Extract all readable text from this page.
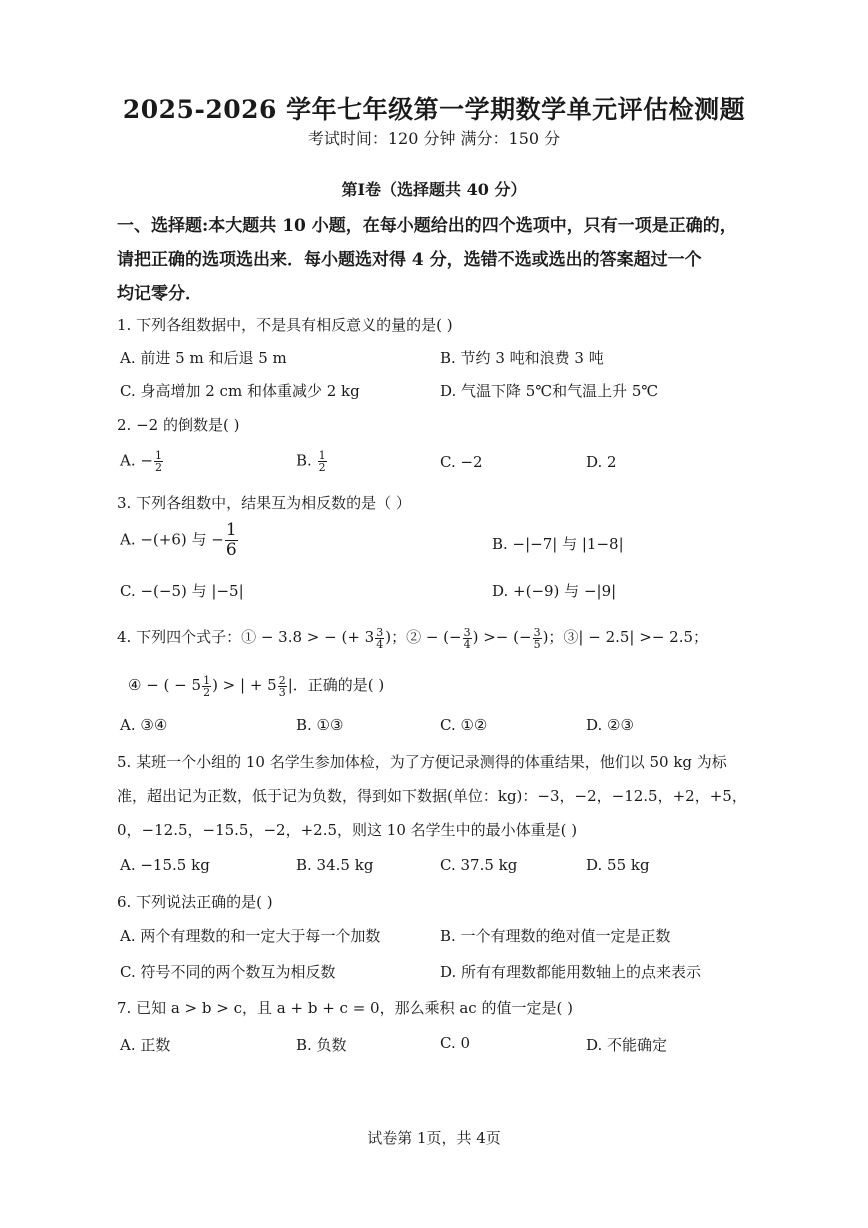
2025-2026 学年七年级第一学期数学单元评估检测题
考试时间：120 分钟 满分：150 分
第Ⅰ卷（选择题共 40 分）
一、选择题:本大题共 10 小题，在每小题给出的四个选项中，只有一项是正确的，
请把正确的选项选出来．每小题选对得 4 分，选错不选或选出的答案超过一个
均记零分．
1. 下列各组数据中，不是具有相反意义的量的是( )
A. 前进 5 m 和后退 5 m	B. 节约 3 吨和浪费 3 吨
C. 身高增加 2 cm 和体重减少 2 kg	D. 气温下降 5℃和气温上升 5℃
2. −2 的倒数是( )
A. − $\frac{1}{2}$	B. $\frac{1}{2}$	C. −2	D. 2
3. 下列各组数中，结果互为相反数的是（ ）
A. −(+6) 与 − $\frac{1}{6}$	B. −|−7| 与 |1−8|
C. −(−5) 与 |−5|	D. +(−9) 与 −|9|
4. 下列四个式子：① − 3.8 > − (+ $3 \frac{3}{4}$ )；② − (− $\frac{3}{4}$ ) >− (− $\frac{3}{5}$ )；③| − 2.5| >− 2.5；
④ − ( − $5 \frac{1}{2}$ ) > | + $5 \frac{2}{3}$ |．正确的是( )
A. ③④	B. ①③	C. ①②	D. ②③
5. 某班一个小组的 10 名学生参加体检，为了方便记录测得的体重结果，他们以 50 kg 为标
准，超出记为正数，低于记为负数，得到如下数据(单位：kg)：−3，−2，−12.5，+2，+5，
0，−12.5，−15.5，−2，+2.5，则这 10 名学生中的最小体重是( )
A. −15.5 kg	B. 34.5 kg	C. 37.5 kg	D. 55 kg
6. 下列说法正确的是( )
A. 两个有理数的和一定大于每一个加数	B. 一个有理数的绝对值一定是正数
C. 符号不同的两个数互为相反数	D. 所有有理数都能用数轴上的点来表示
7. 已知 a > b > c，且 a + b + c = 0，那么乘积 ac 的值一定是( )
A. 正数	B. 负数	C. 0	D. 不能确定
试卷第 1页，共 4页
